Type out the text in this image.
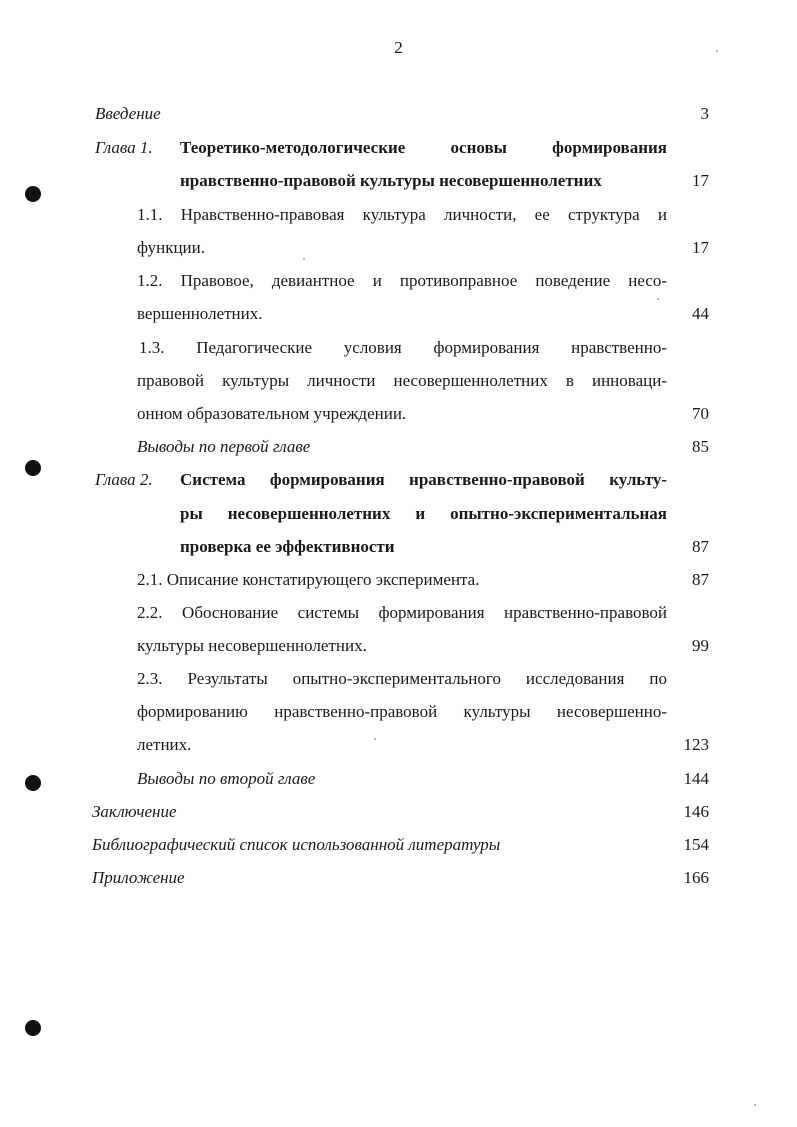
2
Введение	3
Глава 1. Теоретико-методологические основы формирования
нравственно-правовой культуры несовершеннолетних	17
1.1. Нравственно-правовая культура личности, ее структура и
функции.	17
1.2. Правовое, девиантное и противоправное поведение несо-
вершеннолетних.	44
1.3. Педагогические условия формирования нравственно-
правовой культуры личности несовершеннолетних в инноваци-
онном образовательном учреждении.	70
Выводы по первой главе	85
Глава 2. Система формирования нравственно-правовой культу-
ры несовершеннолетних и опытно-экспериментальная
проверка ее эффективности	87
2.1. Описание констатирующего эксперимента.	87
2.2. Обоснование системы формирования нравственно-правовой
культуры несовершеннолетних.	99
2.3. Результаты опытно-экспериментального исследования по
формированию нравственно-правовой культуры несовершенно-
летних.	123
Выводы по второй главе	144
Заключение	146
Библиографический список использованной литературы	154
Приложение	166
